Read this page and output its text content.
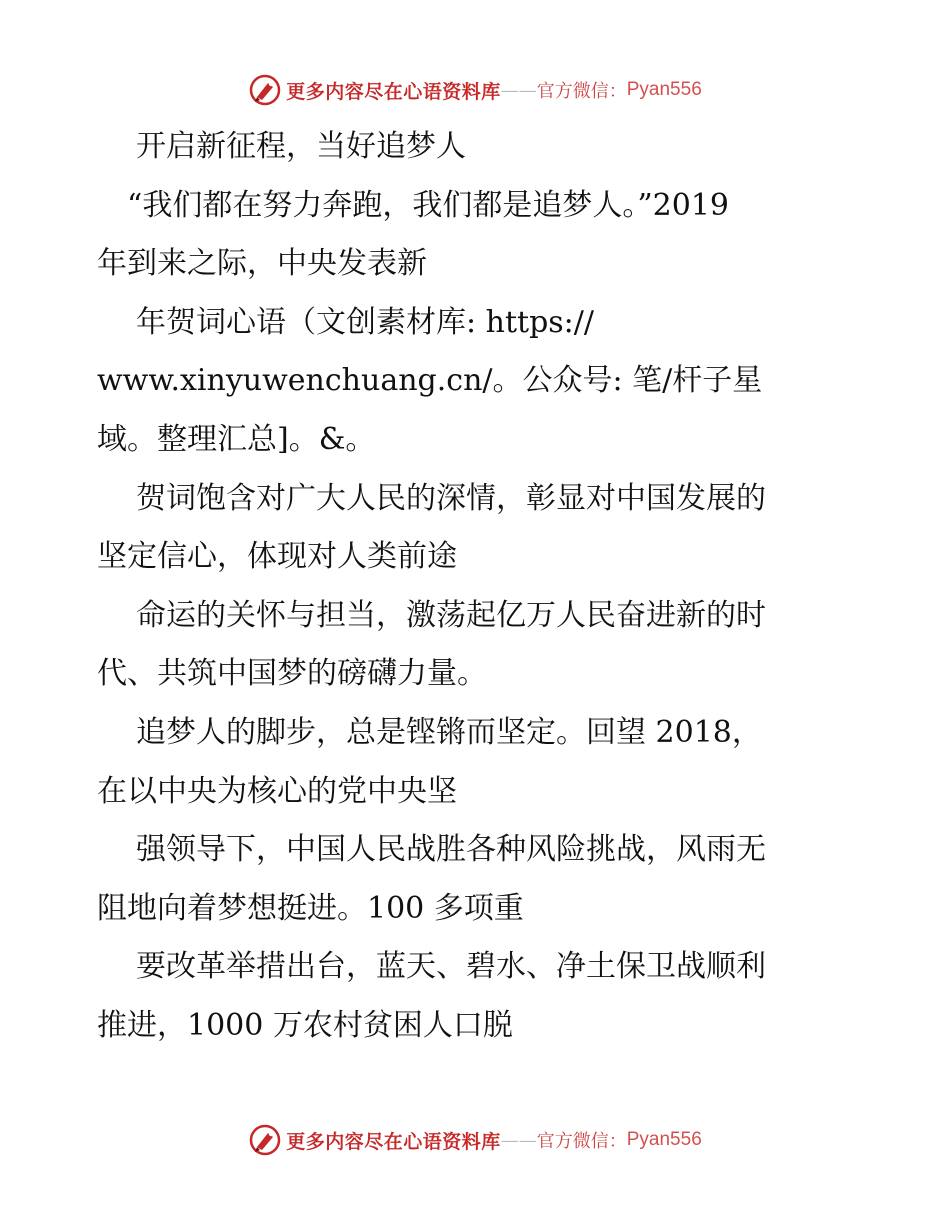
更多内容尽在心语资料库 —— 官方微信： Pyan556
开启新征程，当好追梦人
“我们都在努力奔跑，我们都是追梦人。”2019
年到来之际，中央发表新
年贺词心语（文创素材库: https://
www.xinyuwenchuang.cn/。公众号: 笔/杆子星
域。整理汇总]。&。
贺词饱含对广大人民的深情，彰显对中国发展的
坚定信心，体现对人类前途
命运的关怀与担当，激荡起亿万人民奋进新的时
代、共筑中国梦的磅礴力量。
追梦人的脚步，总是铿锵而坚定。回望 2018，
在以中央为核心的党中央坚
强领导下，中国人民战胜各种风险挑战，风雨无
阻地向着梦想挺进。100 多项重
要改革举措出台，蓝天、碧水、净土保卫战顺利
推进，1000 万农村贫困人口脱
更多内容尽在心语资料库 —— 官方微信： Pyan556
